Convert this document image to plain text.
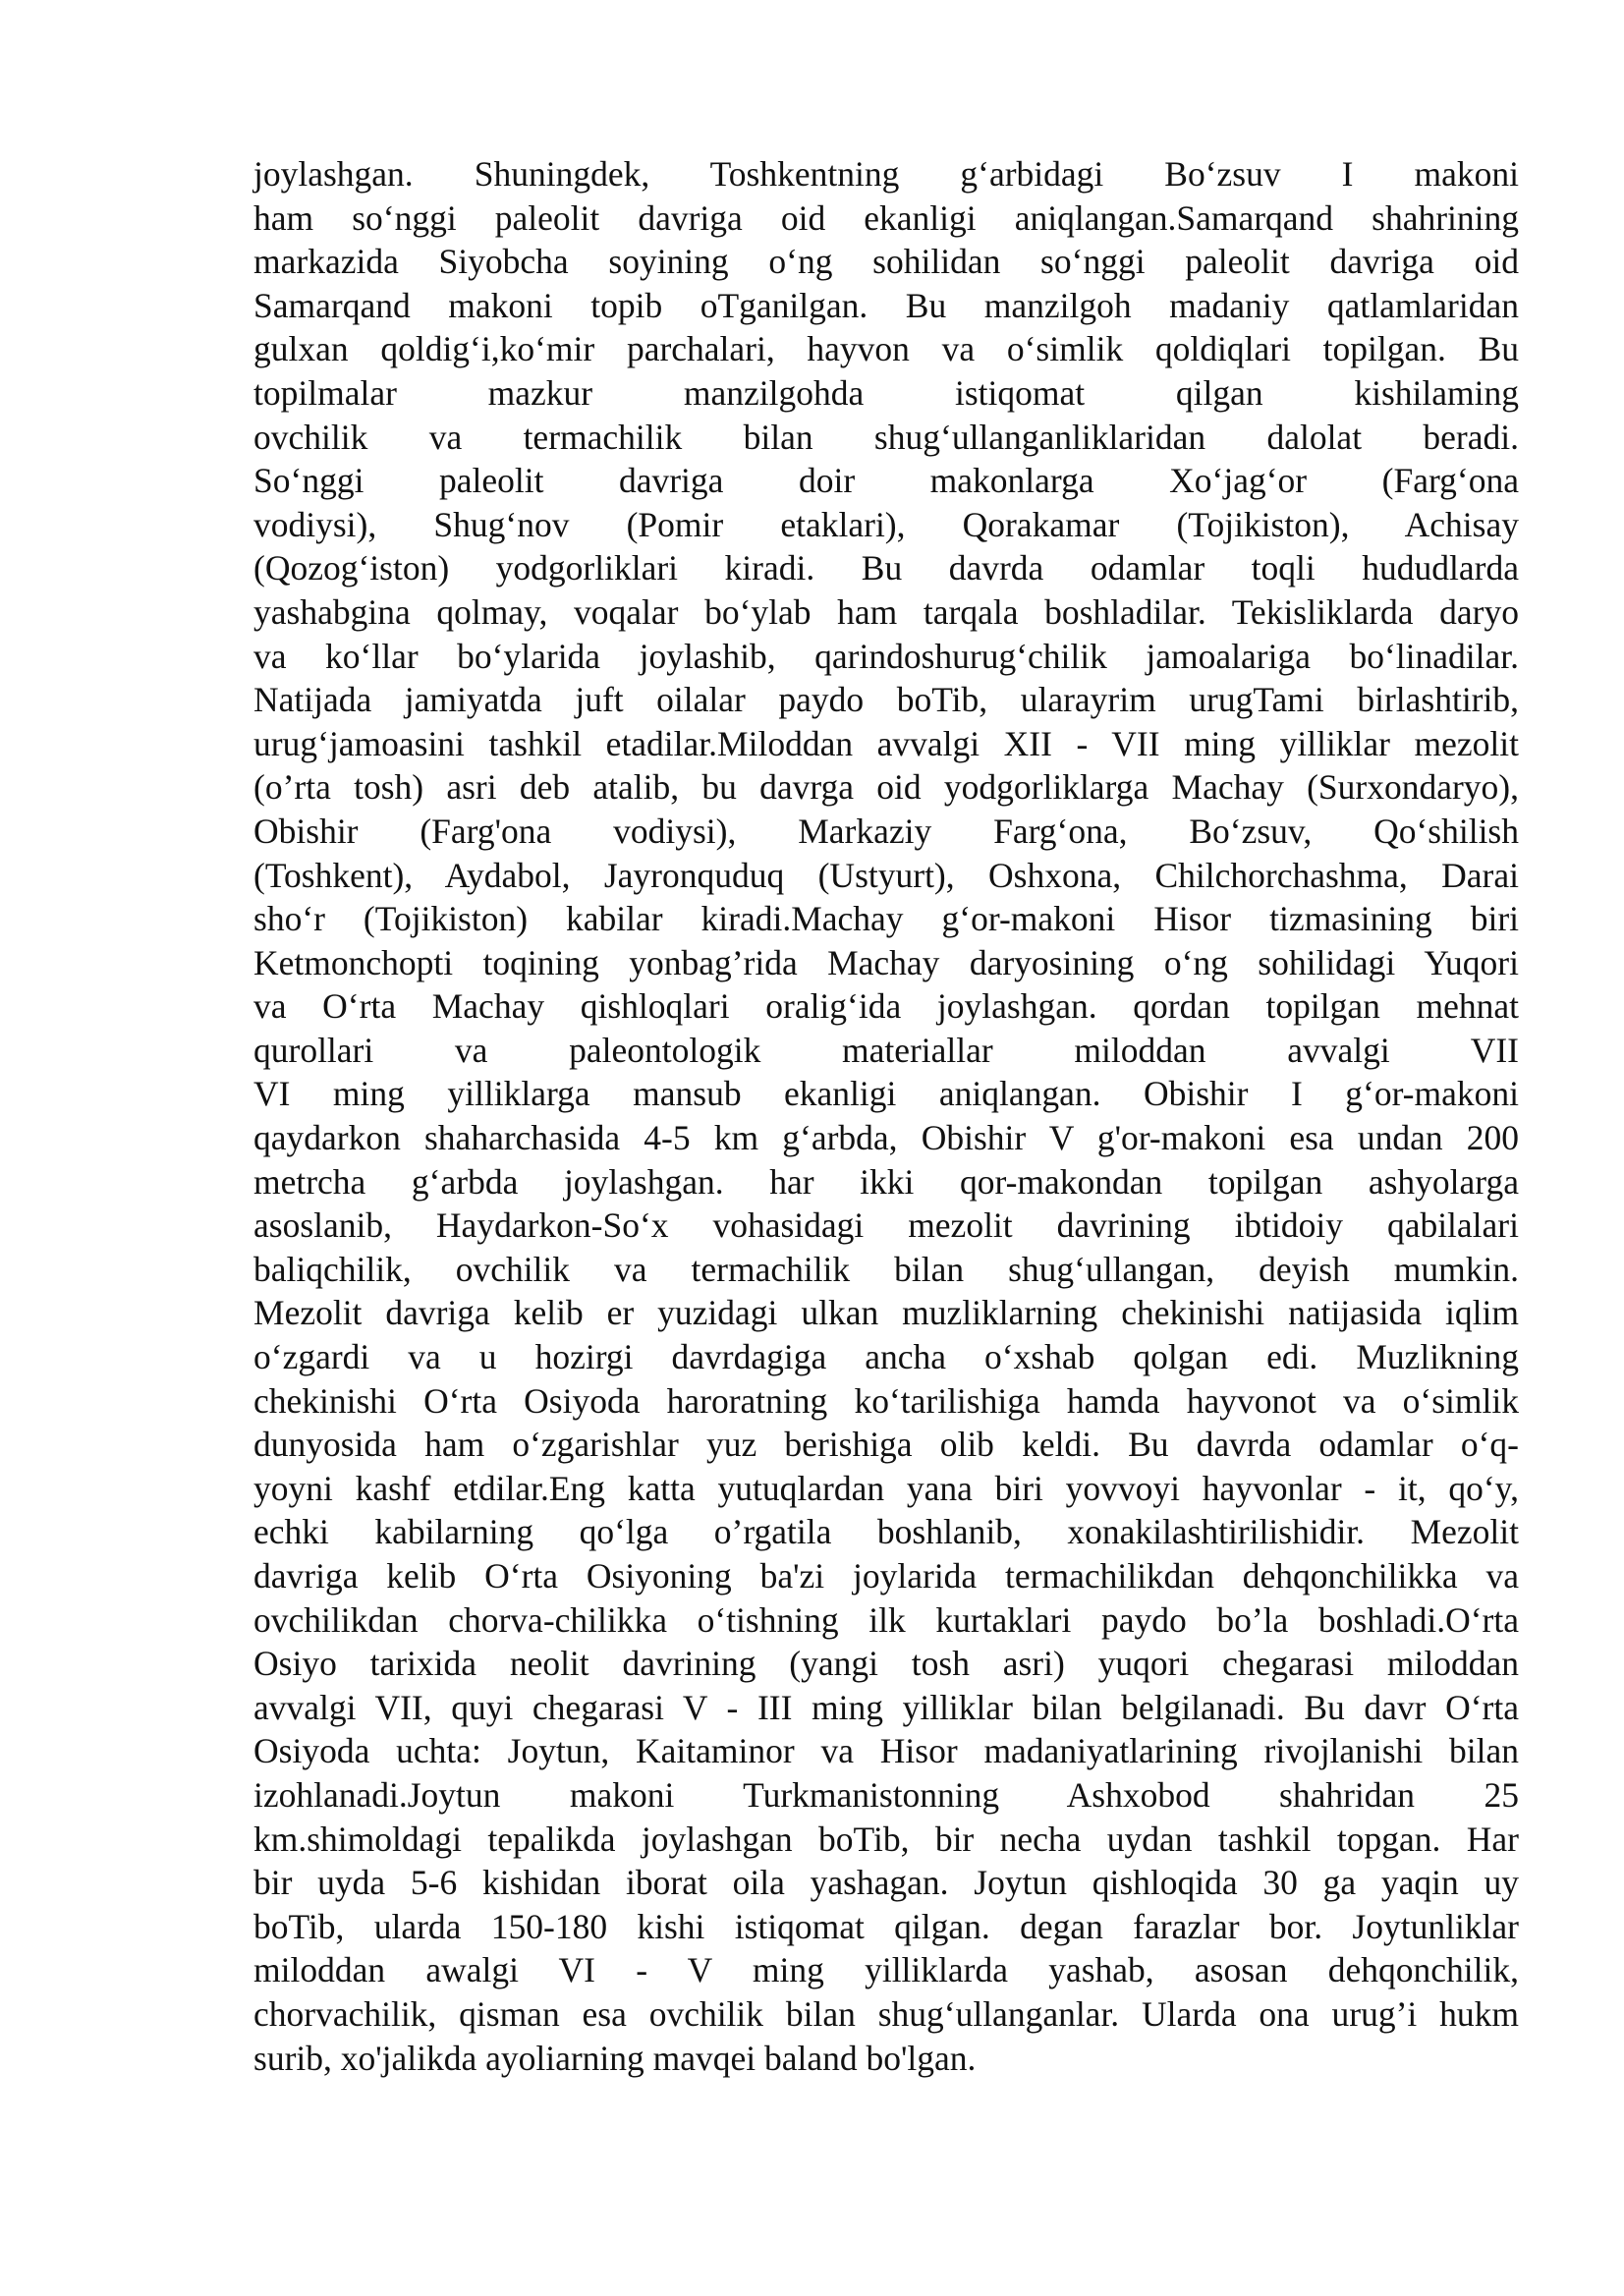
joylashgan. Shuningdek, Toshkentning g‘arbidagi Bo‘zsuv I makoni
ham so‘nggi paleolit davriga oid ekanligi aniqlangan.Samarqand shahrining
markazida Siyobcha soyining o‘ng sohilidan so‘nggi paleolit davriga oid
Samarqand makoni topib oTganilgan. Bu manzilgoh madaniy qatlamlaridan
gulxan qoldig‘i,ko‘mir parchalari, hayvon va o‘simlik qoldiqlari topilgan. Bu
topilmalar mazkur manzilgohda istiqomat qilgan kishilaming
ovchilik va termachilik bilan shug‘ullanganliklaridan dalolat beradi.
So‘nggi paleolit davriga doir makonlarga Xo‘jag‘or (Farg‘ona
vodiysi), Shug‘nov (Pomir etaklari), Qorakamar (Tojikiston), Achisay
(Qozog‘iston) yodgorliklari kiradi. Bu davrda odamlar toqli hududlarda
yashabgina qolmay, voqalar bo‘ylab ham tarqala boshladilar. Tekisliklarda daryo
va ko‘llar bo‘ylarida joylashib, qarindoshurug‘chilik jamoalariga bo‘linadilar.
Natijada jamiyatda juft oilalar paydo boTib, ularayrim urugTami birlashtirib,
urug‘jamoasini tashkil etadilar.Miloddan avvalgi XII - VII ming yilliklar mezolit
(o’rta tosh) asri deb atalib, bu davrga oid yodgorliklarga Machay (Surxondaryo),
Obishir (Farg'ona vodiysi), Markaziy Farg‘ona, Bo‘zsuv, Qo‘shilish
(Toshkent), Aydabol, Jayronquduq (Ustyurt), Oshxona, Chilchorchashma, Darai
sho‘r (Tojikiston) kabilar kiradi.Machay g‘or-makoni Hisor tizmasining biri
Ketmonchopti toqining yonbag’rida Machay daryosining o‘ng sohilidagi Yuqori
va O‘rta Machay qishloqlari oralig‘ida joylashgan. qordan topilgan mehnat
qurollari va paleontologik materiallar miloddan avvalgi VII
VI ming yilliklarga mansub ekanligi aniqlangan. Obishir I g‘or-makoni
qaydarkon shaharchasida 4-5 km g‘arbda, Obishir V g'or-makoni esa undan 200
metrcha g‘arbda joylashgan. har ikki qor-makondan topilgan ashyolarga
asoslanib, Haydarkon-So‘x vohasidagi mezolit davrining ibtidoiy qabilalari
baliqchilik, ovchilik va termachilik bilan shug‘ullangan, deyish mumkin.
Mezolit davriga kelib er yuzidagi ulkan muzliklarning chekinishi natijasida iqlim
o‘zgardi va u hozirgi davrdagiga ancha o‘xshab qolgan edi. Muzlikning
chekinishi O‘rta Osiyoda haroratning ko‘tarilishiga hamda hayvonot va o‘simlik
dunyosida ham o‘zgarishlar yuz berishiga olib keldi. Bu davrda odamlar o‘q-
yoyni kashf etdilar.Eng katta yutuqlardan yana biri yovvoyi hayvonlar - it, qo‘y,
echki kabilarning qo‘lga o’rgatila boshlanib, xonakilashtirilishidir. Mezolit
davriga kelib O‘rta Osiyoning ba'zi joylarida termachilikdan dehqonchilikka va
ovchilikdan chorva-chilikka o‘tishning ilk kurtaklari paydo bo’la boshladi.O‘rta
Osiyo tarixida neolit davrining (yangi tosh asri) yuqori chegarasi miloddan
avvalgi VII, quyi chegarasi V - III ming yilliklar bilan belgilanadi. Bu davr O‘rta
Osiyoda uchta: Joytun, Kaitaminor va Hisor madaniyatlarining rivojlanishi bilan
izohlanadi.Joytun makoni Turkmanistonning Ashxobod shahridan 25
km.shimoldagi tepalikda joylashgan boTib, bir necha uydan tashkil topgan. Har
bir uyda 5-6 kishidan iborat oila yashagan. Joytun qishloqida 30 ga yaqin uy
boTib, ularda 150-180 kishi istiqomat qilgan. degan farazlar bor. Joytunliklar
miloddan awalgi VI - V ming yilliklarda yashab, asosan dehqonchilik,
chorvachilik, qisman esa ovchilik bilan shug‘ullanganlar. Ularda ona urug’i hukm
surib, xo'jalikda ayoliarning mavqei baland bo'lgan.
